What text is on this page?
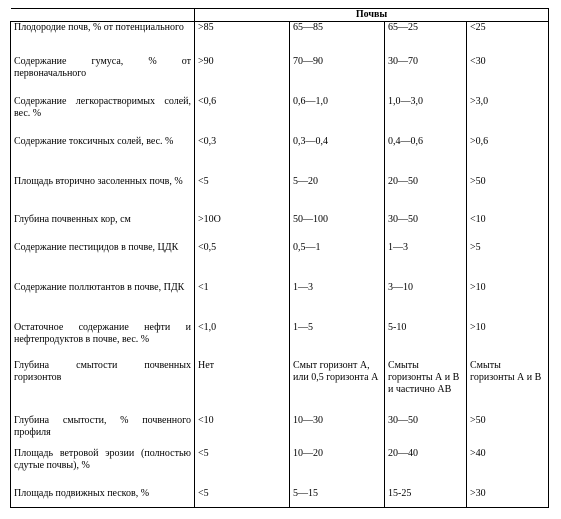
	Почвы			
Плодородие почв, % от потенциального	>85	65—85	65—25	<25
Содержание гумуса, % от первоначального	>90	70—90	30—70	<30
Содержание легкорастворимых солей, вес. %	<0,6	0,6—1,0	1,0—3,0	>3,0
Содержание токсичных солей, вес. %	<0,3	0,3—0,4	0,4—0,6	>0,6
Площадь вторично засоленных почв, %	<5	5—20	20—50	>50
Глубина почвенных кор, см	>10О	50—100	30—50	<10
Содержание пестицидов в почве, ЦДК	<0,5	0,5—1	1—3	>5
Содержание поллютантов в почве, ПДК	<1	1—3	3—10	>10
Остаточное содержание нефти и нефтепродуктов в почве, вес. %	<1,0	1—5	5-10	>10
Глубина смытости почвенных горизонтов	Нет	Смыт горизонт А, или 0,5 горизонта А	Смыты горизонты А и В и частично АВ	Смыты горизонты А и В
Глубина смытости, % почвенного профиля	<10	10—30	30—50	>50
Площадь ветровой эрозии (полностью сдутые почвы), %	<5	10—20	20—40	>40
Площадь подвижных песков, %	<5	5—15	15-25	>30
